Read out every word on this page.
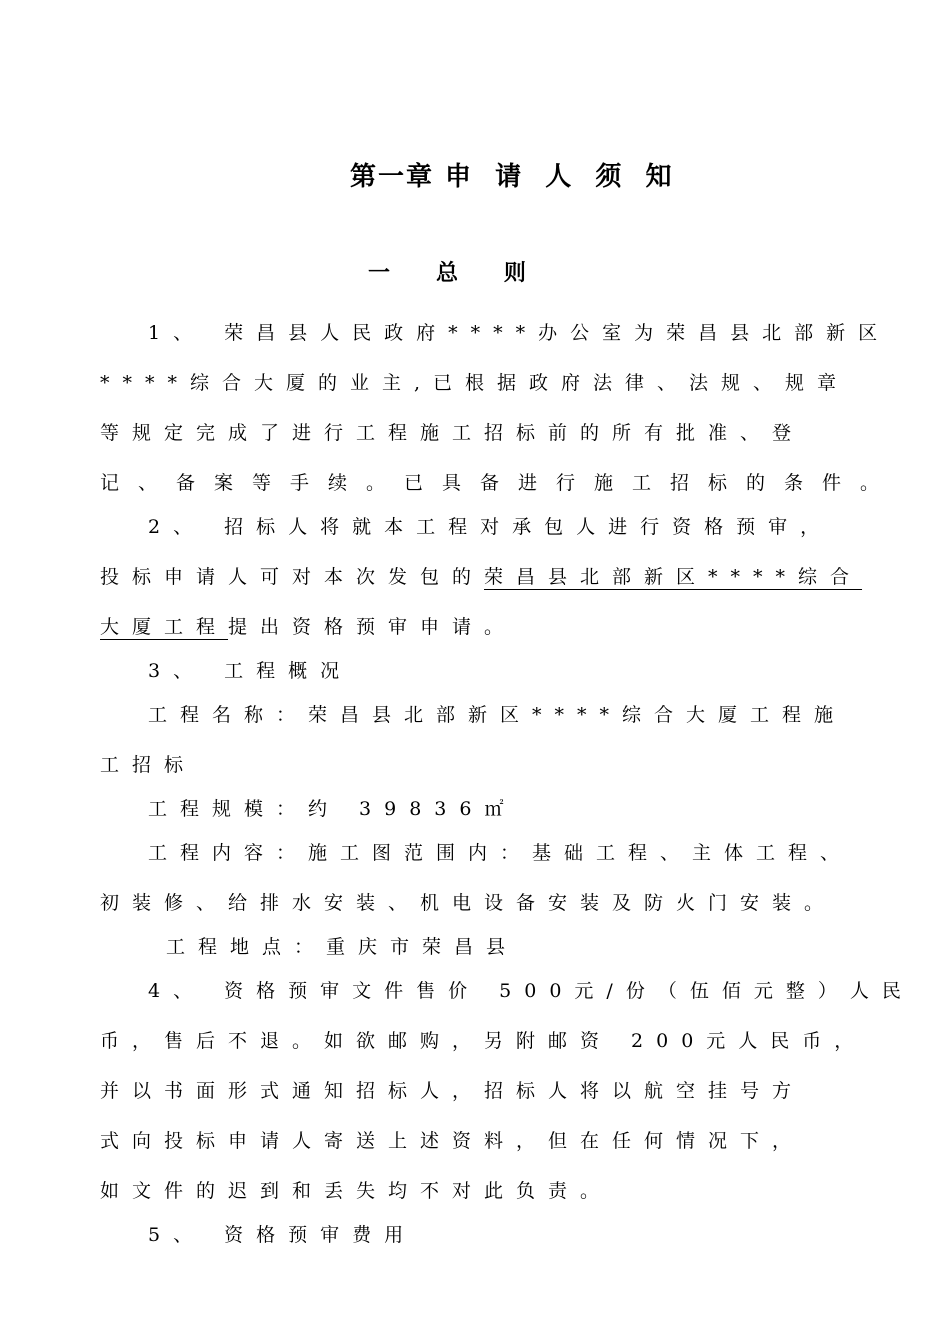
第一章 申  请  人  须  知
一      总      则
1、 荣昌县人民政府****办公室为荣昌县北部新区
****综合大厦的业主,已根据政府法律、法规、规章
等规定完成了进行工程施工招标前的所有批准、登
记、备案等手续。已具备进行施工招标的条件。
2、 招标人将就本工程对承包人进行资格预审，
投标申请人可对本次发包的荣昌县北部新区****综合
大厦工程提出资格预审申请。
3、 工程概况
工程名称：荣昌县北部新区****综合大厦工程施
工招标
工程规模：约 39836㎡
工程内容：施工图范围内：基础工程、主体工程、
初装修、给排水安装、机电设备安装及防火门安装。
工程地点：重庆市荣昌县
4、 资格预审文件售价 500元/份（伍佰元整）人民
币，售后不退。如欲邮购，另附邮资 200元人民币，
并以书面形式通知招标人，招标人将以航空挂号方
式向投标申请人寄送上述资料，但在任何情况下，
如文件的迟到和丢失均不对此负责。
5、 资格预审费用
